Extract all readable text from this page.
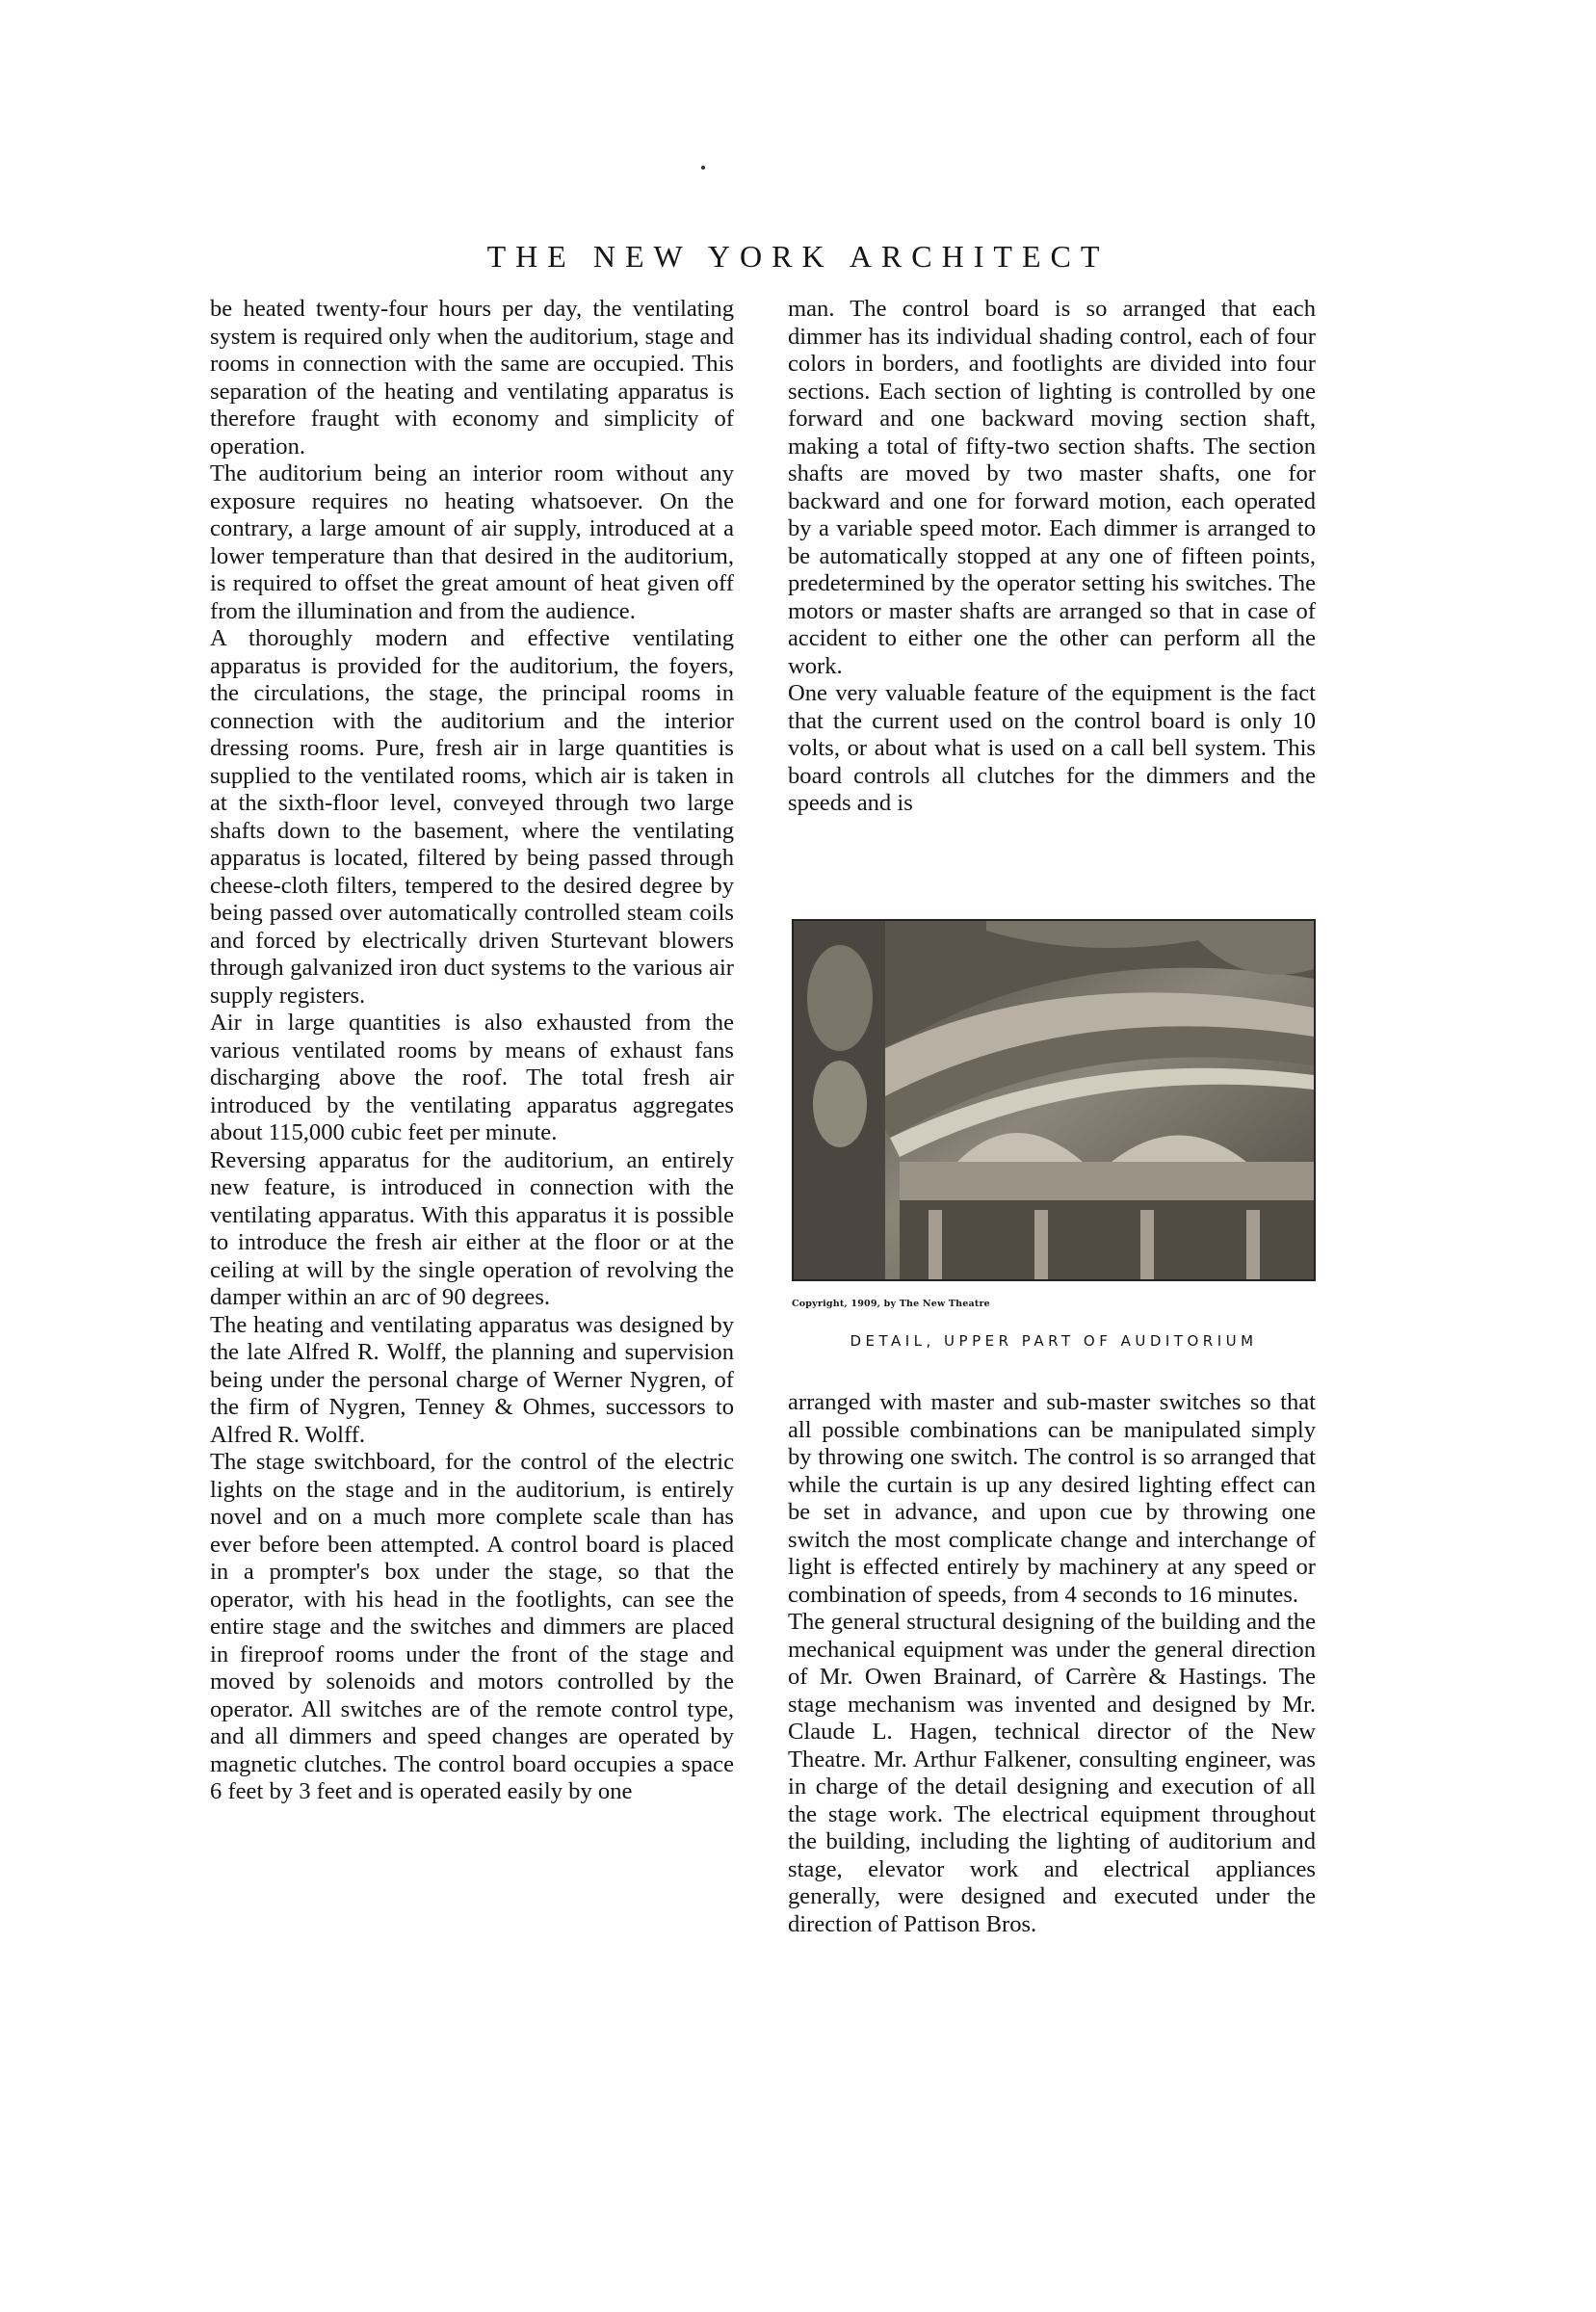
THE NEW YORK ARCHITECT

be heated twenty-four hours per day, the ventilating system is required only when the auditorium, stage and rooms in connection with the same are occupied. This separation of the heating and ventilating apparatus is therefore fraught with economy and simplicity of operation.

The auditorium being an interior room without any exposure requires no heating whatsoever. On the contrary, a large amount of air supply, introduced at a lower temperature than that desired in the auditorium, is required to offset the great amount of heat given off from the illumination and from the audience.

A thoroughly modern and effective ventilating apparatus is provided for the auditorium, the foyers, the circulations, the stage, the principal rooms in connection with the auditorium and the interior dressing rooms. Pure, fresh air in large quantities is supplied to the ventilated rooms, which air is taken in at the sixth-floor level, conveyed through two large shafts down to the basement, where the ventilating apparatus is located, filtered by being passed through cheese-cloth filters, tempered to the desired degree by being passed over automatically controlled steam coils and forced by electrically driven Sturtevant blowers through galvanized iron duct systems to the various air supply registers.

Air in large quantities is also exhausted from the various ventilated rooms by means of exhaust fans discharging above the roof. The total fresh air introduced by the ventilating apparatus aggregates about 115,000 cubic feet per minute.

Reversing apparatus for the auditorium, an entirely new feature, is introduced in connection with the ventilating apparatus. With this apparatus it is possible to introduce the fresh air either at the floor or at the ceiling at will by the single operation of revolving the damper within an arc of 90 degrees.

The heating and ventilating apparatus was designed by the late Alfred R. Wolff, the planning and supervision being under the personal charge of Werner Nygren, of the firm of Nygren, Tenney & Ohmes, successors to Alfred R. Wolff.

The stage switchboard, for the control of the electric lights on the stage and in the auditorium, is entirely novel and on a much more complete scale than has ever before been attempted. A control board is placed in a prompter's box under the stage, so that the operator, with his head in the footlights, can see the entire stage and the switches and dimmers are placed in fireproof rooms under the front of the stage and moved by solenoids and motors controlled by the operator. All switches are of the remote control type, and all dimmers and speed changes are operated by magnetic clutches. The control board occupies a space 6 feet by 3 feet and is operated easily by one

man. The control board is so arranged that each dimmer has its individual shading control, each of four colors in borders, and footlights are divided into four sections. Each section of lighting is controlled by one forward and one backward moving section shaft, making a total of fifty-two section shafts. The section shafts are moved by two master shafts, one for backward and one for forward motion, each operated by a variable speed motor. Each dimmer is arranged to be automatically stopped at any one of fifteen points, predetermined by the operator setting his switches. The motors or master shafts are arranged so that in case of accident to either one the other can perform all the work.

One very valuable feature of the equipment is the fact that the current used on the control board is only 10 volts, or about what is used on a call bell system. This board controls all clutches for the dimmers and the speeds and is

Copyright, 1909, by The New Theatre
DETAIL, UPPER PART OF AUDITORIUM

arranged with master and sub-master switches so that all possible combinations can be manipulated simply by throwing one switch. The control is so arranged that while the curtain is up any desired lighting effect can be set in advance, and upon cue by throwing one switch the most complicate change and interchange of light is effected entirely by machinery at any speed or combination of speeds, from 4 seconds to 16 minutes.

The general structural designing of the building and the mechanical equipment was under the general direction of Mr. Owen Brainard, of Carrère & Hastings. The stage mechanism was invented and designed by Mr. Claude L. Hagen, technical director of the New Theatre. Mr. Arthur Falkener, consulting engineer, was in charge of the detail designing and execution of all the stage work. The electrical equipment throughout the building, including the lighting of auditorium and stage, elevator work and electrical appliances generally, were designed and executed under the direction of Pattison Bros.
